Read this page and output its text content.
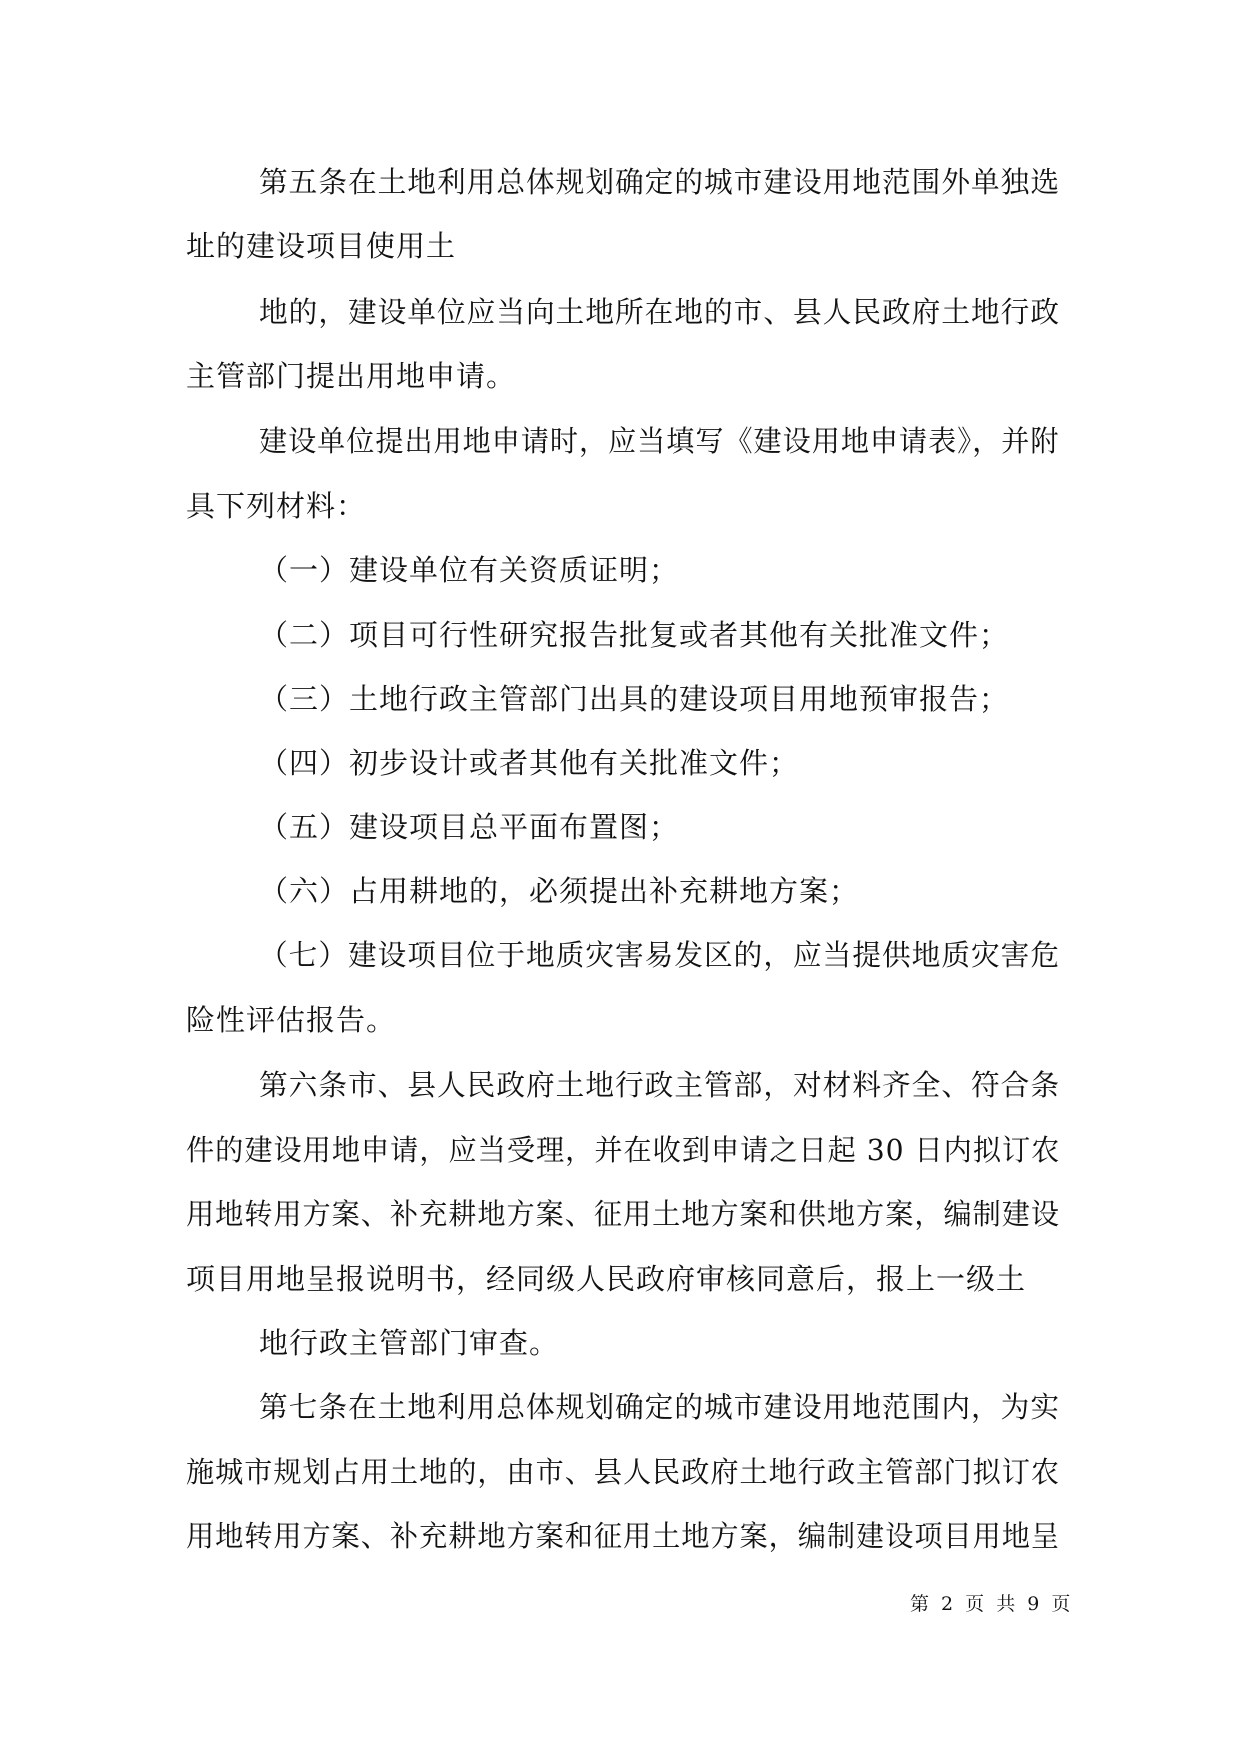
第五条在土地利用总体规划确定的城市建设用地范围外单独选
址的建设项目使用土
地的，建设单位应当向土地所在地的市、县人民政府土地行政
主管部门提出用地申请。
建设单位提出用地申请时，应当填写《建设用地申请表》，并附
具下列材料：
（一）建设单位有关资质证明；
（二）项目可行性研究报告批复或者其他有关批准文件；
（三）土地行政主管部门出具的建设项目用地预审报告；
（四）初步设计或者其他有关批准文件；
（五）建设项目总平面布置图；
（六）占用耕地的，必须提出补充耕地方案；
（七）建设项目位于地质灾害易发区的，应当提供地质灾害危
险性评估报告。
第六条市、县人民政府土地行政主管部，对材料齐全、符合条
件的建设用地申请，应当受理，并在收到申请之日起 30 日内拟订农
用地转用方案、补充耕地方案、征用土地方案和供地方案，编制建设
项目用地呈报说明书，经同级人民政府审核同意后，报上一级土
地行政主管部门审查。
第七条在土地利用总体规划确定的城市建设用地范围内，为实
施城市规划占用土地的，由市、县人民政府土地行政主管部门拟订农
用地转用方案、补充耕地方案和征用土地方案，编制建设项目用地呈
第 2 页 共 9 页
